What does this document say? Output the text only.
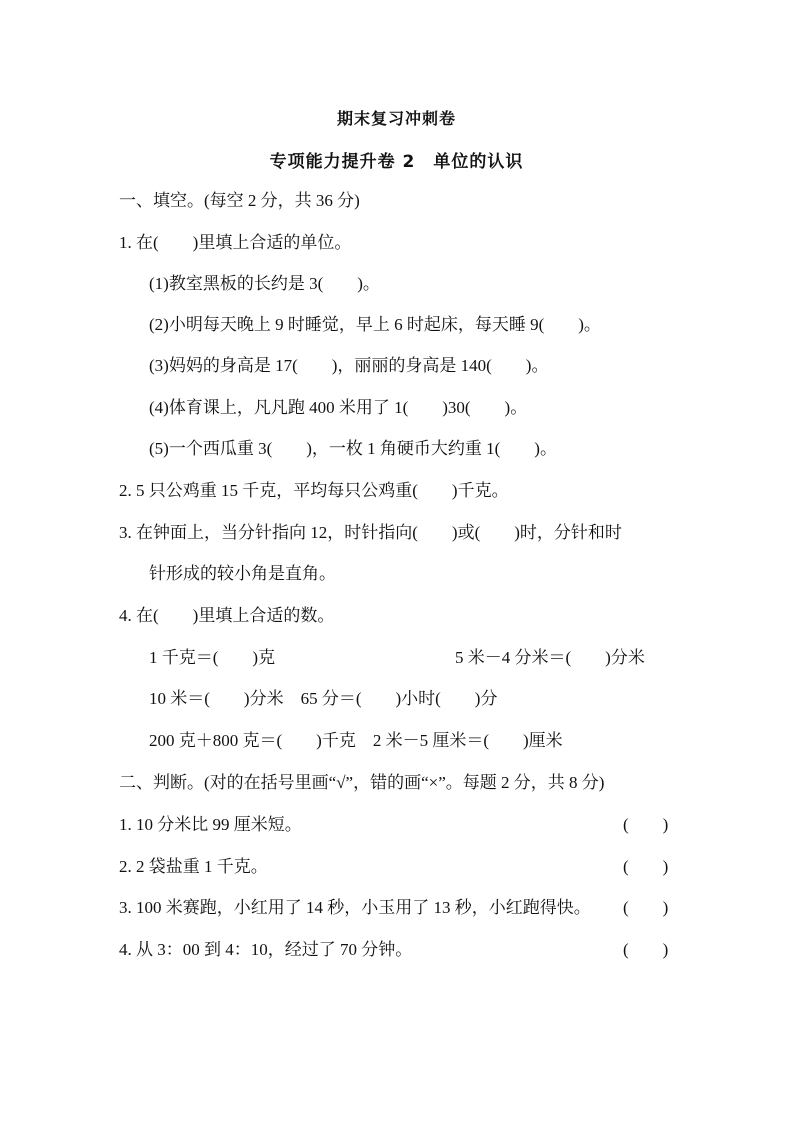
期末复习冲刺卷
专项能力提升卷 2　单位的认识
一、填空。(每空 2 分，共 36 分)
1. 在(　　)里填上合适的单位。
(1)教室黑板的长约是 3(　　)。
(2)小明每天晚上 9 时睡觉，早上 6 时起床，每天睡 9(　　)。
(3)妈妈的身高是 17(　　)，丽丽的身高是 140(　　)。
(4)体育课上，凡凡跑 400 米用了 1(　　)30(　　)。
(5)一个西瓜重 3(　　)，一枚 1 角硬币大约重 1(　　)。
2. 5 只公鸡重 15 千克，平均每只公鸡重(　　)千克。
3. 在钟面上，当分针指向 12，时针指向(　　)或(　　)时，分针和时
针形成的较小角是直角。
4. 在(　　)里填上合适的数。
1 千克＝(　　)克	5 米－4 分米＝(　　)分米
10 米＝(　　)分米　65 分＝(　　)小时(　　)分
200 克＋800 克＝(　　)千克　2 米－5 厘米＝(　　)厘米
二、判断。(对的在括号里画“√”，错的画“×”。每题 2 分，共 8 分)
1. 10 分米比 99 厘米短。	(　　)
2. 2 袋盐重 1 千克。	(　　)
3. 100 米赛跑，小红用了 14 秒，小玉用了 13 秒，小红跑得快。 (　　)
4. 从 3：00 到 4：10，经过了 70 分钟。	(　　)
